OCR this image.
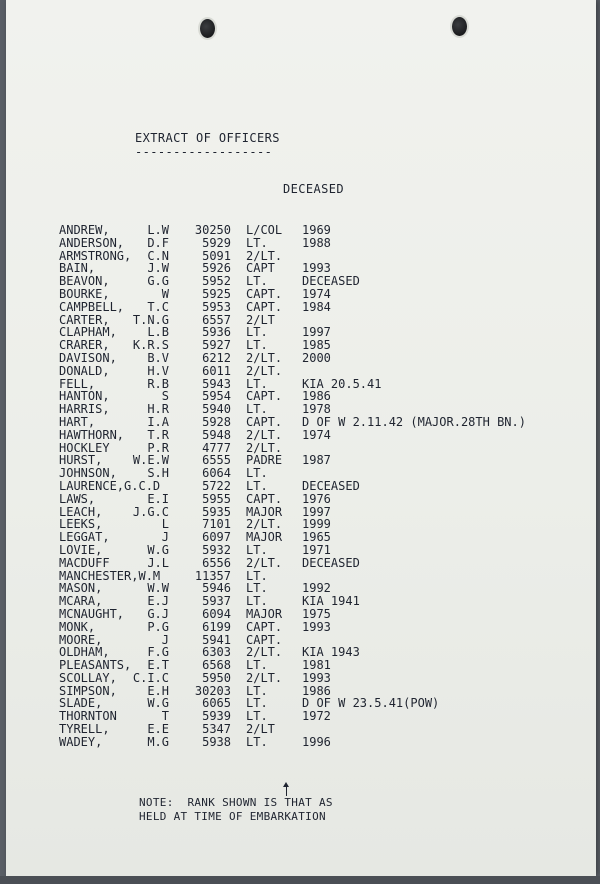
EXTRACT OF OFFICERS
------------------
DECEASED
ANDREW,	L.W	30250 L/COL 1969
ANDERSON,	D.F	5929 LT.	1988
ARMSTRONG,	C.N	5091 2/LT.
BAIN,	J.W	5926 CAPT 1993
BEAVON,	G.G	5952 LT.	DECEASED
BOURKE,	W	5925 CAPT. 1974
CAMPBELL,	T.C	5953 CAPT. 1984
CARTER,	T.N.G	6557 2/LT
CLAPHAM,	L.B	5936 LT.	1997
CRARER,	K.R.S	5927 LT.	1985
DAVISON,	B.V	6212 2/LT. 2000
DONALD,	H.V	6011 2/LT.
FELL,	R.B	5943 LT.	KIA 20.5.41
HANTON,	S	5954 CAPT. 1986
HARRIS,	H.R	5940 LT.	1978
HART,	I.A	5928 CAPT. D OF W 2.11.42 (MAJOR.28TH BN.)
HAWTHORN,	T.R	5948 2/LT. 1974
HOCKLEY	P.R	4777 2/LT.
HURST,	W.E.W	6555 PADRE 1987
JOHNSON,	S.H	6064 LT.
LAURENCE,G.C.D	5722 LT.	DECEASED
LAWS,	E.I	5955 CAPT. 1976
LEACH,	J.G.C	5935 MAJOR 1997
LEEKS,	L	7101 2/LT. 1999
LEGGAT,	J	6097 MAJOR 1965
LOVIE,	W.G	5932 LT.	1971
MACDUFF	J.L	6556 2/LT. DECEASED
MANCHESTER,W.M	11357 LT.
MASON,	W.W	5946 LT.	1992
MCARA,	E.J	5937 LT.	KIA 1941
MCNAUGHT,	G.J	6094 MAJOR 1975
MONK,	P.G	6199 CAPT. 1993
MOORE,	J	5941 CAPT.
OLDHAM,	F.G	6303 2/LT. KIA 1943
PLEASANTS,	E.T	6568 LT.	1981
SCOLLAY,	C.I.C	5950 2/LT. 1993
SIMPSON,	E.H	30203 LT.	1986
SLADE,	W.G	6065 LT.	D OF W 23.5.41(POW)
THORNTON	T	5939 LT.	1972
TYRELL,	E.E	5347 2/LT
WADEY,	M.G	5938 LT.	1996
NOTE:  RANK SHOWN IS THAT AS
HELD AT TIME OF EMBARKATION
